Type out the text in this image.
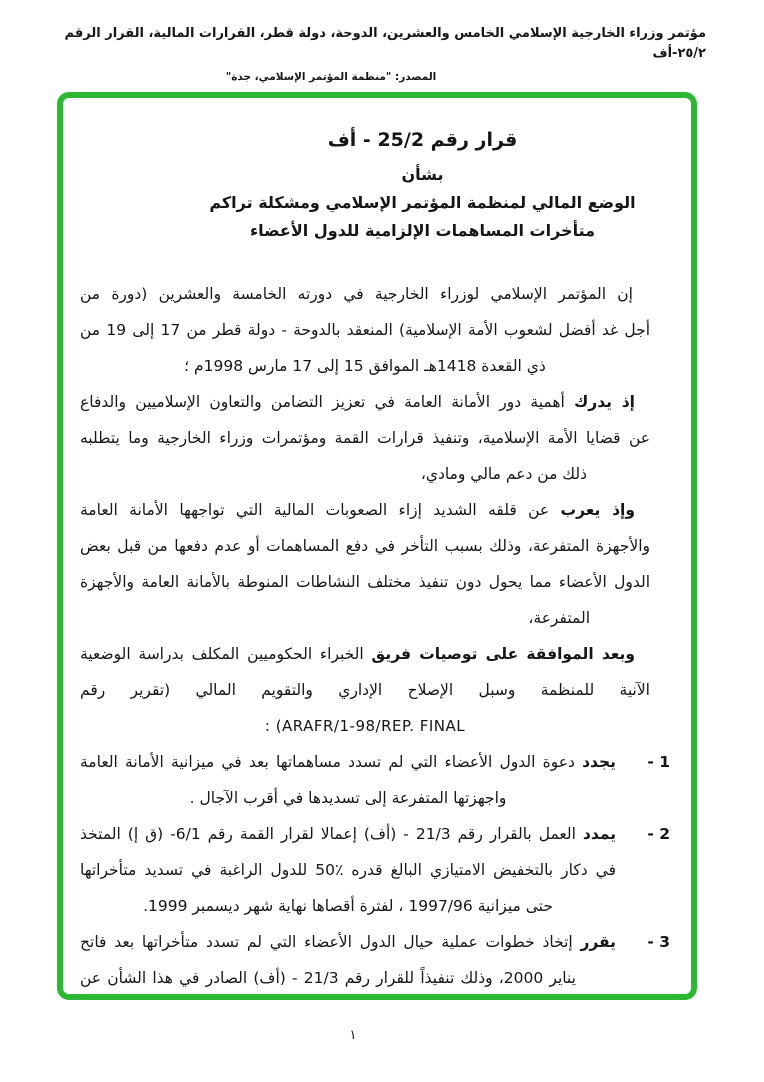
مؤتمر وزراء الخارجية الإسلامي الخامس والعشرين، الدوحة، دولة قطر، القرارات المالية، القرار الرقم ٢٥/٢-أف
المصدر: "منظمة المؤتمر الإسلامي، جدة"
قرار رقم 25/2 - أف
بشأن
الوضع المالي لمنظمة المؤتمر الإسلامي ومشكلة تراكم
متأخرات المساهمات الإلزامية للدول الأعضاء
إن المؤتمر الإسلامي لوزراء الخارجية في دورته الخامسة والعشرين (دورة من
أجل غد أفضل لشعوب الأمة الإسلامية) المنعقد بالدوحة - دولة قطر من 17 إلى 19 من
ذي القعدة 1418هـ الموافق 15 إلى 17 مارس 1998م ؛
إذ يدرك أهمية دور الأمانة العامة في تعزيز التضامن والتعاون الإسلاميين والدفاع
عن قضايا الأمة الإسلامية، وتنفيذ قرارات القمة ومؤتمرات وزراء الخارجية وما يتطلبه
ذلك من دعم مالي ومادي،
وإذ يعرب عن قلقه الشديد إزاء الصعوبات المالية التي تواجهها الأمانة العامة
والأجهزة المتفرعة، وذلك بسبب التأخر في دفع المساهمات أو عدم دفعها من قبل بعض
الدول الأعضاء مما يحول دون تنفيذ مختلف النشاطات المنوطة بالأمانة العامة والأجهزة
المتفرعة،
وبعد الموافقة على توصيات فريق الخبراء الحكوميين المكلف بدراسة الوضعية
الآنية للمنظمة وسبل الإصلاح الإداري والتقويم المالي (تقرير رقم
: (ARAFR/1-98/REP. FINAL
1 -
يجدد دعوة الدول الأعضاء التي لم تسدد مساهماتها بعد في ميزانية الأمانة العامة
واجهزتها المتفرعة إلى تسديدها في أقرب الآجال .
2 -
يمدد العمل بالقرار رقم 21/3 - (أف) إعمالا لقرار القمة رقم 6/1- (ق إ) المتخذ
في دكار بالتخفيض الامتيازي البالغ قدره ٪50 للدول الراغبة في تسديد متأخراتها
حتى ميزانية 1997/96 ، لفترة أقصاها نهاية شهر ديسمبر 1999.
3 -
يقرر إتخاذ خطوات عملية حيال الدول الأعضاء التي لم تسدد متأخراتها بعد فاتح
يناير 2000، وذلك تنفيذاً للقرار رقم 21/3 - (أف) الصادر في هذا الشأن عن
١
